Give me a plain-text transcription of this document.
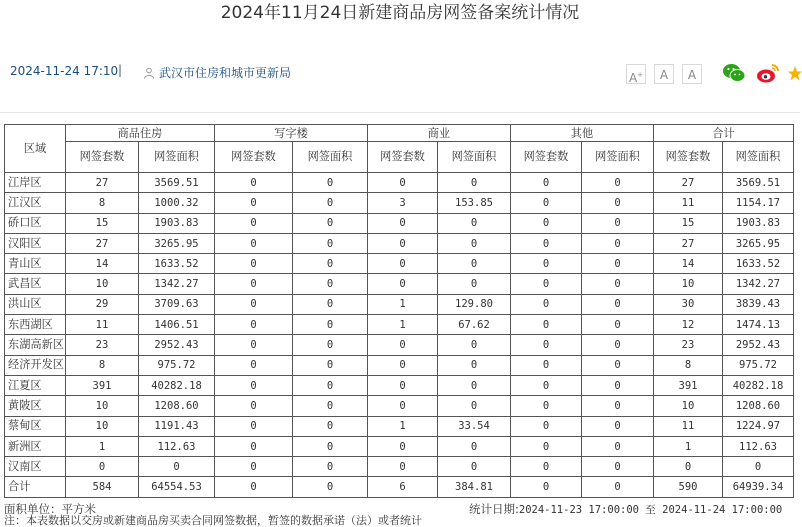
2024年11月24日新建商品房网签备案统计情况
2024-11-24 17:10 |	武汉市住房和城市更新局	A+	A	A
区域	商品住房		写字楼		商业		其他		合计	
	网签套数	网签面积	网签套数	网签面积	网签套数	网签面积	网签套数	网签面积	网签套数	网签面积
江岸区	27	3569.51	0	0	0	0	0	0	27	3569.51
江汉区	8	1000.32	0	0	3	153.85	0	0	11	1154.17
硚口区	15	1903.83	0	0	0	0	0	0	15	1903.83
汉阳区	27	3265.95	0	0	0	0	0	0	27	3265.95
青山区	14	1633.52	0	0	0	0	0	0	14	1633.52
武昌区	10	1342.27	0	0	0	0	0	0	10	1342.27
洪山区	29	3709.63	0	0	1	129.80	0	0	30	3839.43
东西湖区	11	1406.51	0	0	1	67.62	0	0	12	1474.13
东湖高新区	23	2952.43	0	0	0	0	0	0	23	2952.43
经济开发区	8	975.72	0	0	0	0	0	0	8	975.72
江夏区	391	40282.18	0	0	0	0	0	0	391	40282.18
黄陂区	10	1208.60	0	0	0	0	0	0	10	1208.60
蔡甸区	10	1191.43	0	0	1	33.54	0	0	11	1224.97
新洲区	1	112.63	0	0	0	0	0	0	1	112.63
汉南区	0	0	0	0	0	0	0	0	0	0
合计	584	64554.53	0	0	6	384.81	0	0	590	64939.34
面积单位：平方米	统计日期:2024-11-23 17:00:00 至 2024-11-24 17:00:00
注：本表数据以交房或新建商品房买卖合同网签数据，暂签的数据承诺（法）或者统计
